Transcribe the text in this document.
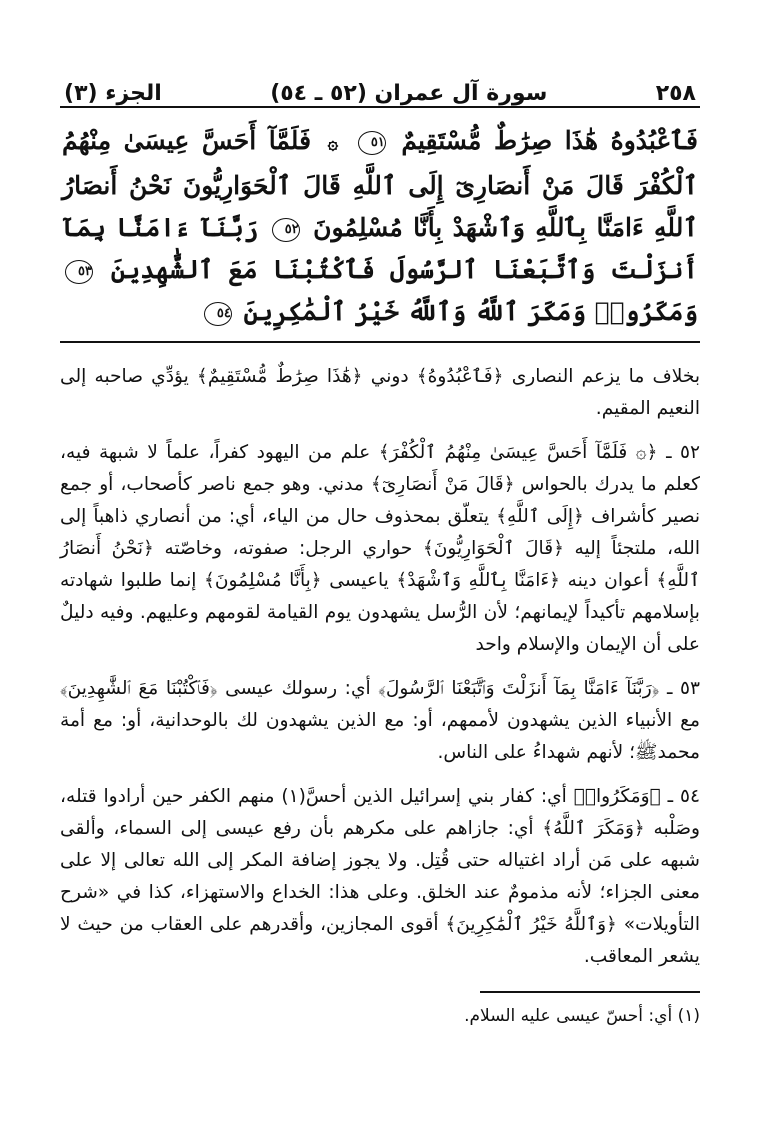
٢٥٨
سورة آل عمران (٥٢ ـ ٥٤)
الجزء (٣)
فَٱعْبُدُوهُ هَٰذَا صِرَٰطٌ مُّسْتَقِيمٌ ٥١ ۞ فَلَمَّآ أَحَسَّ عِيسَىٰ مِنْهُمُ ٱلْكُفْرَ قَالَ مَنْ أَنصَارِىٓ إِلَى ٱللَّهِ قَالَ ٱلْحَوَارِيُّونَ نَحْنُ أَنصَارُ ٱللَّهِ ءَامَنَّا بِٱللَّهِ وَٱشْهَدْ بِأَنَّا مُسْلِمُونَ ٥٢ رَبَّنَآ ءَامَنَّا بِمَآ أَنزَلْتَ وَٱتَّبَعْنَا ٱلرَّسُولَ فَٱكْتُبْنَا مَعَ ٱلشَّٰهِدِينَ ٥٣ وَمَكَرُوا۟ وَمَكَرَ ٱللَّهُ وَٱللَّهُ خَيْرُ ٱلْمَٰكِرِينَ ٥٤

بخلاف ما يزعم النصارى ﴿فَٱعْبُدُوهُ﴾ دوني ﴿هَٰذَا صِرَٰطٌ مُّسْتَقِيمٌ﴾ يؤدِّي صاحبه إلى النعيم المقيم.

٥٢ ـ ﴿۞ فَلَمَّآ أَحَسَّ عِيسَىٰ مِنْهُمُ ٱلْكُفْرَ﴾ علم من اليهود كفراً، علماً لا شبهة فيه، كعلم ما يدرك بالحواس ﴿قَالَ مَنْ أَنصَارِىٓ﴾ مدني. وهو جمع ناصر كأصحاب، أو جمع نصير كأشراف ﴿إِلَى ٱللَّهِ﴾ يتعلّق بمحذوف حال من الياء، أي: من أنصاري ذاهباً إلى الله، ملتجئاً إليه ﴿قَالَ ٱلْحَوَارِيُّونَ﴾ حواري الرجل: صفوته، وخاصّته ﴿نَحْنُ أَنصَارُ ٱللَّهِ﴾ أعوان دينه ﴿ءَامَنَّا بِٱللَّهِ وَٱشْهَدْ﴾ ياعيسى ﴿بِأَنَّا مُسْلِمُونَ﴾ إنما طلبوا شهادته بإسلامهم تأكيداً لإيمانهم؛ لأن الرُّسل يشهدون يوم القيامة لقومهم وعليهم. وفيه دليلٌ على أن الإيمان والإسلام واحد

٥٣ ـ ﴿رَبَّنَآ ءَامَنَّا بِمَآ أَنزَلْتَ وَٱتَّبَعْنَا ٱلرَّسُولَ﴾ أي: رسولك عيسى ﴿فَٱكْتُبْنَا مَعَ ٱلشَّٰهِدِينَ﴾ مع الأنبياء الذين يشهدون لأممهم، أو: مع الذين يشهدون لك بالوحدانية، أو: مع أمة محمدﷺ؛ لأنهم شهداءُ على الناس.

٥٤ ـ ﴿وَمَكَرُوا۟﴾ أي: كفار بني إسرائيل الذين أحسَّ(١) منهم الكفر حين أرادوا قتله، وصَلْبه ﴿وَمَكَرَ ٱللَّهُ﴾ أي: جازاهم على مكرهم بأن رفع عيسى إلى السماء، وألقى شبهه على مَن أراد اغتياله حتى قُتِل. ولا يجوز إضافة المكر إلى الله تعالى إلا على معنى الجزاء؛ لأنه مذمومٌ عند الخلق. وعلى هذا: الخداع والاستهزاء، كذا في «شرح التأويلات» ﴿وَٱللَّهُ خَيْرُ ٱلْمَٰكِرِينَ﴾ أقوى المجازين، وأقدرهم على العقاب من حيث لا يشعر المعاقب.

(١) أي: أحسّ عيسى عليه السلام.
